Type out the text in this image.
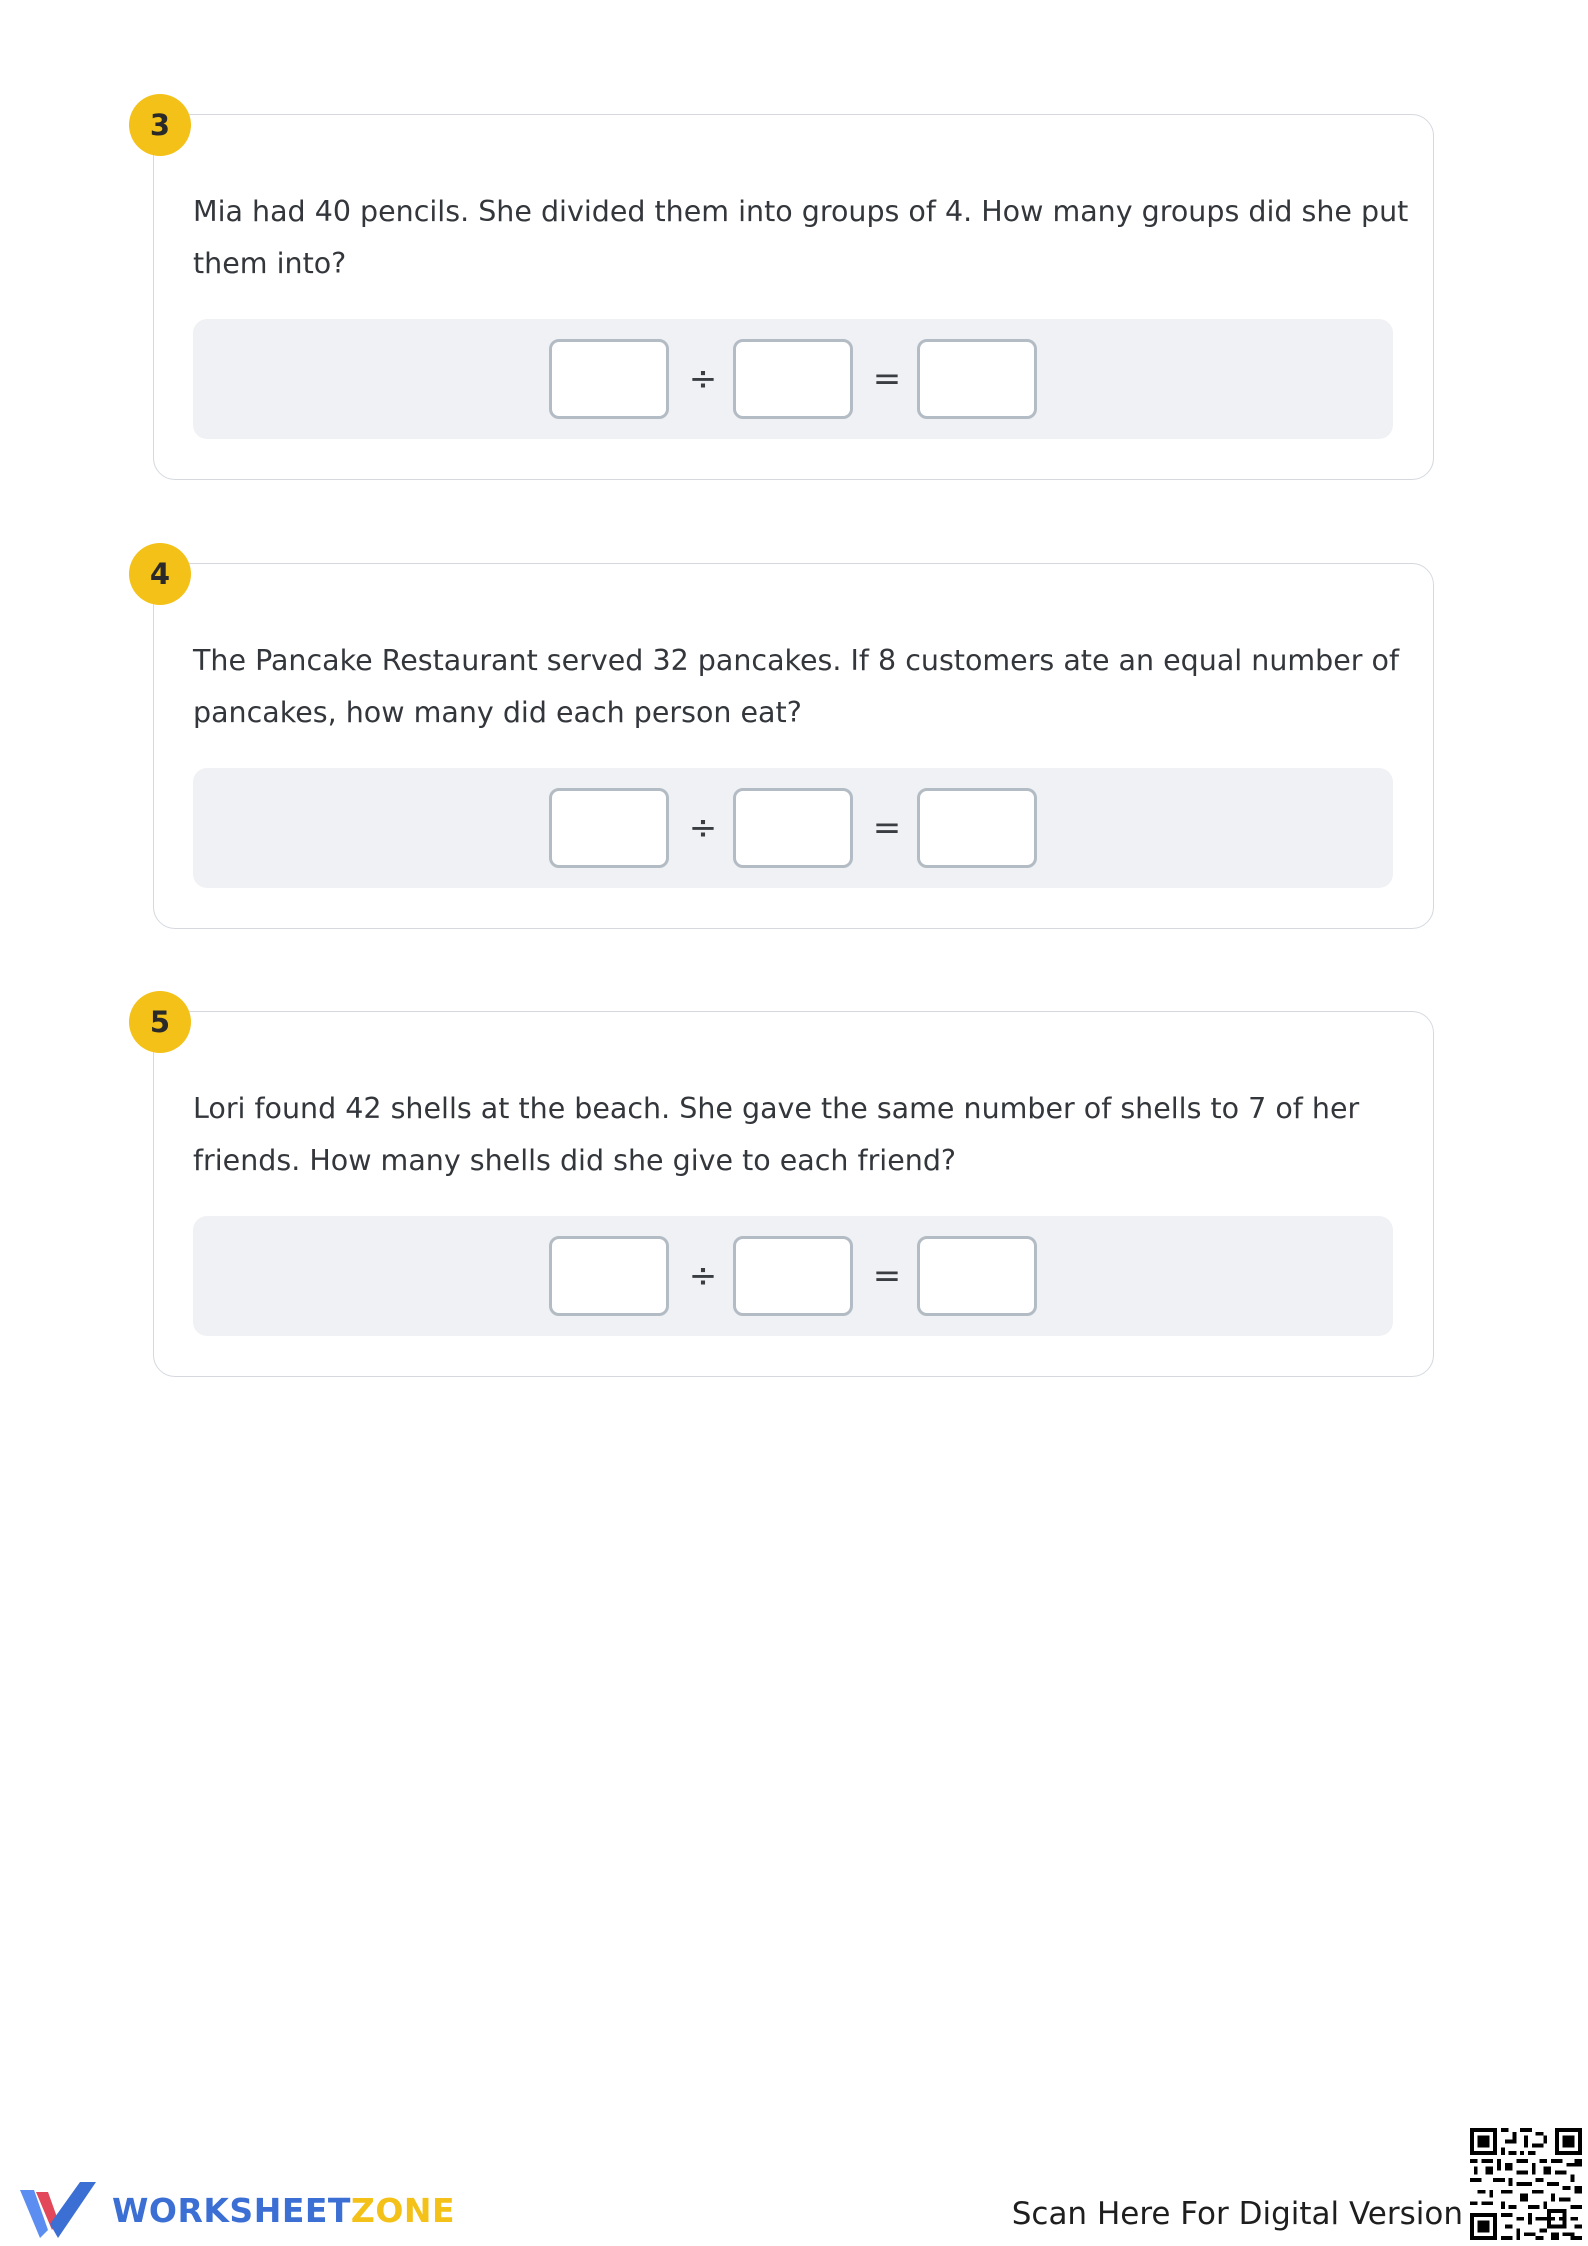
3

Mia had 40 pencils. She divided them into groups of 4. How many groups did she put them into?

÷	=
4

The Pancake Restaurant served 32 pancakes. If 8 customers ate an equal number of pancakes, how many did each person eat?

÷	=
5

Lori found 42 shells at the beach. She gave the same number of shells to 7 of her friends. How many shells did she give to each friend?

÷	=
WORKSHEETZONE	Scan Here For Digital Version
